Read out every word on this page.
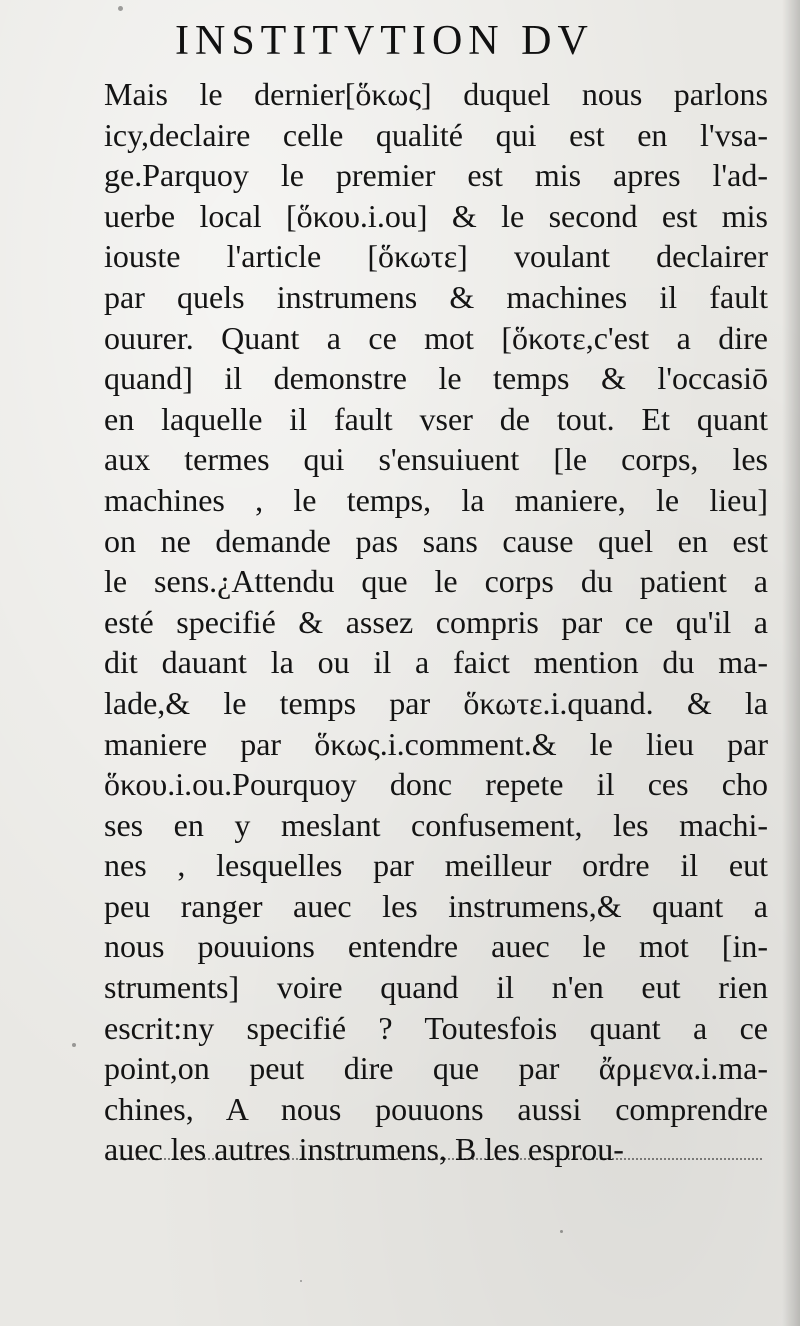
INSTITVTION DV
Mais le dernier[ὅκως] duquel nous parlons
icy,declaire celle qualité qui est en l'vsa-
ge.Parquoy le premier est mis apres l'ad-
uerbe local [ὅκου.i.ou] & le second est mis
iouste l'article [ὅκωτε] voulant declairer
par quels instrumens & machines il fault
ouurer. Quant a ce mot [ὅκοτε,c'est a dire
quand] il demonstre le temps & l'occasiō
en laquelle il fault vser de tout. Et quant
aux termes qui s'ensuiuent [le corps, les
machines , le temps, la maniere, le lieu]
on ne demande pas sans cause quel en est
le sens.¿Attendu que le corps du patient a
esté specifié & assez compris par ce qu'il a
dit dauant la ou il a faict mention du ma-
lade,& le temps par ὅκωτε.i.quand. & la
maniere par ὅκως.i.comment.& le lieu par
ὅκου.i.ou.Pourquoy donc repete il ces cho
ses en y meslant confusement, les machi-
nes , lesquelles par meilleur ordre il eut
peu ranger auec les instrumens,& quant a
nous pouuions entendre auec le mot [in-
struments] voire quand il n'en eut rien
escrit:ny specifié ? Toutesfois quant a ce
point,on peut dire que par ἄρμενα.i.ma-
chines, A nous pouuons aussi comprendre
auec les autres instrumens, B les esprou-
